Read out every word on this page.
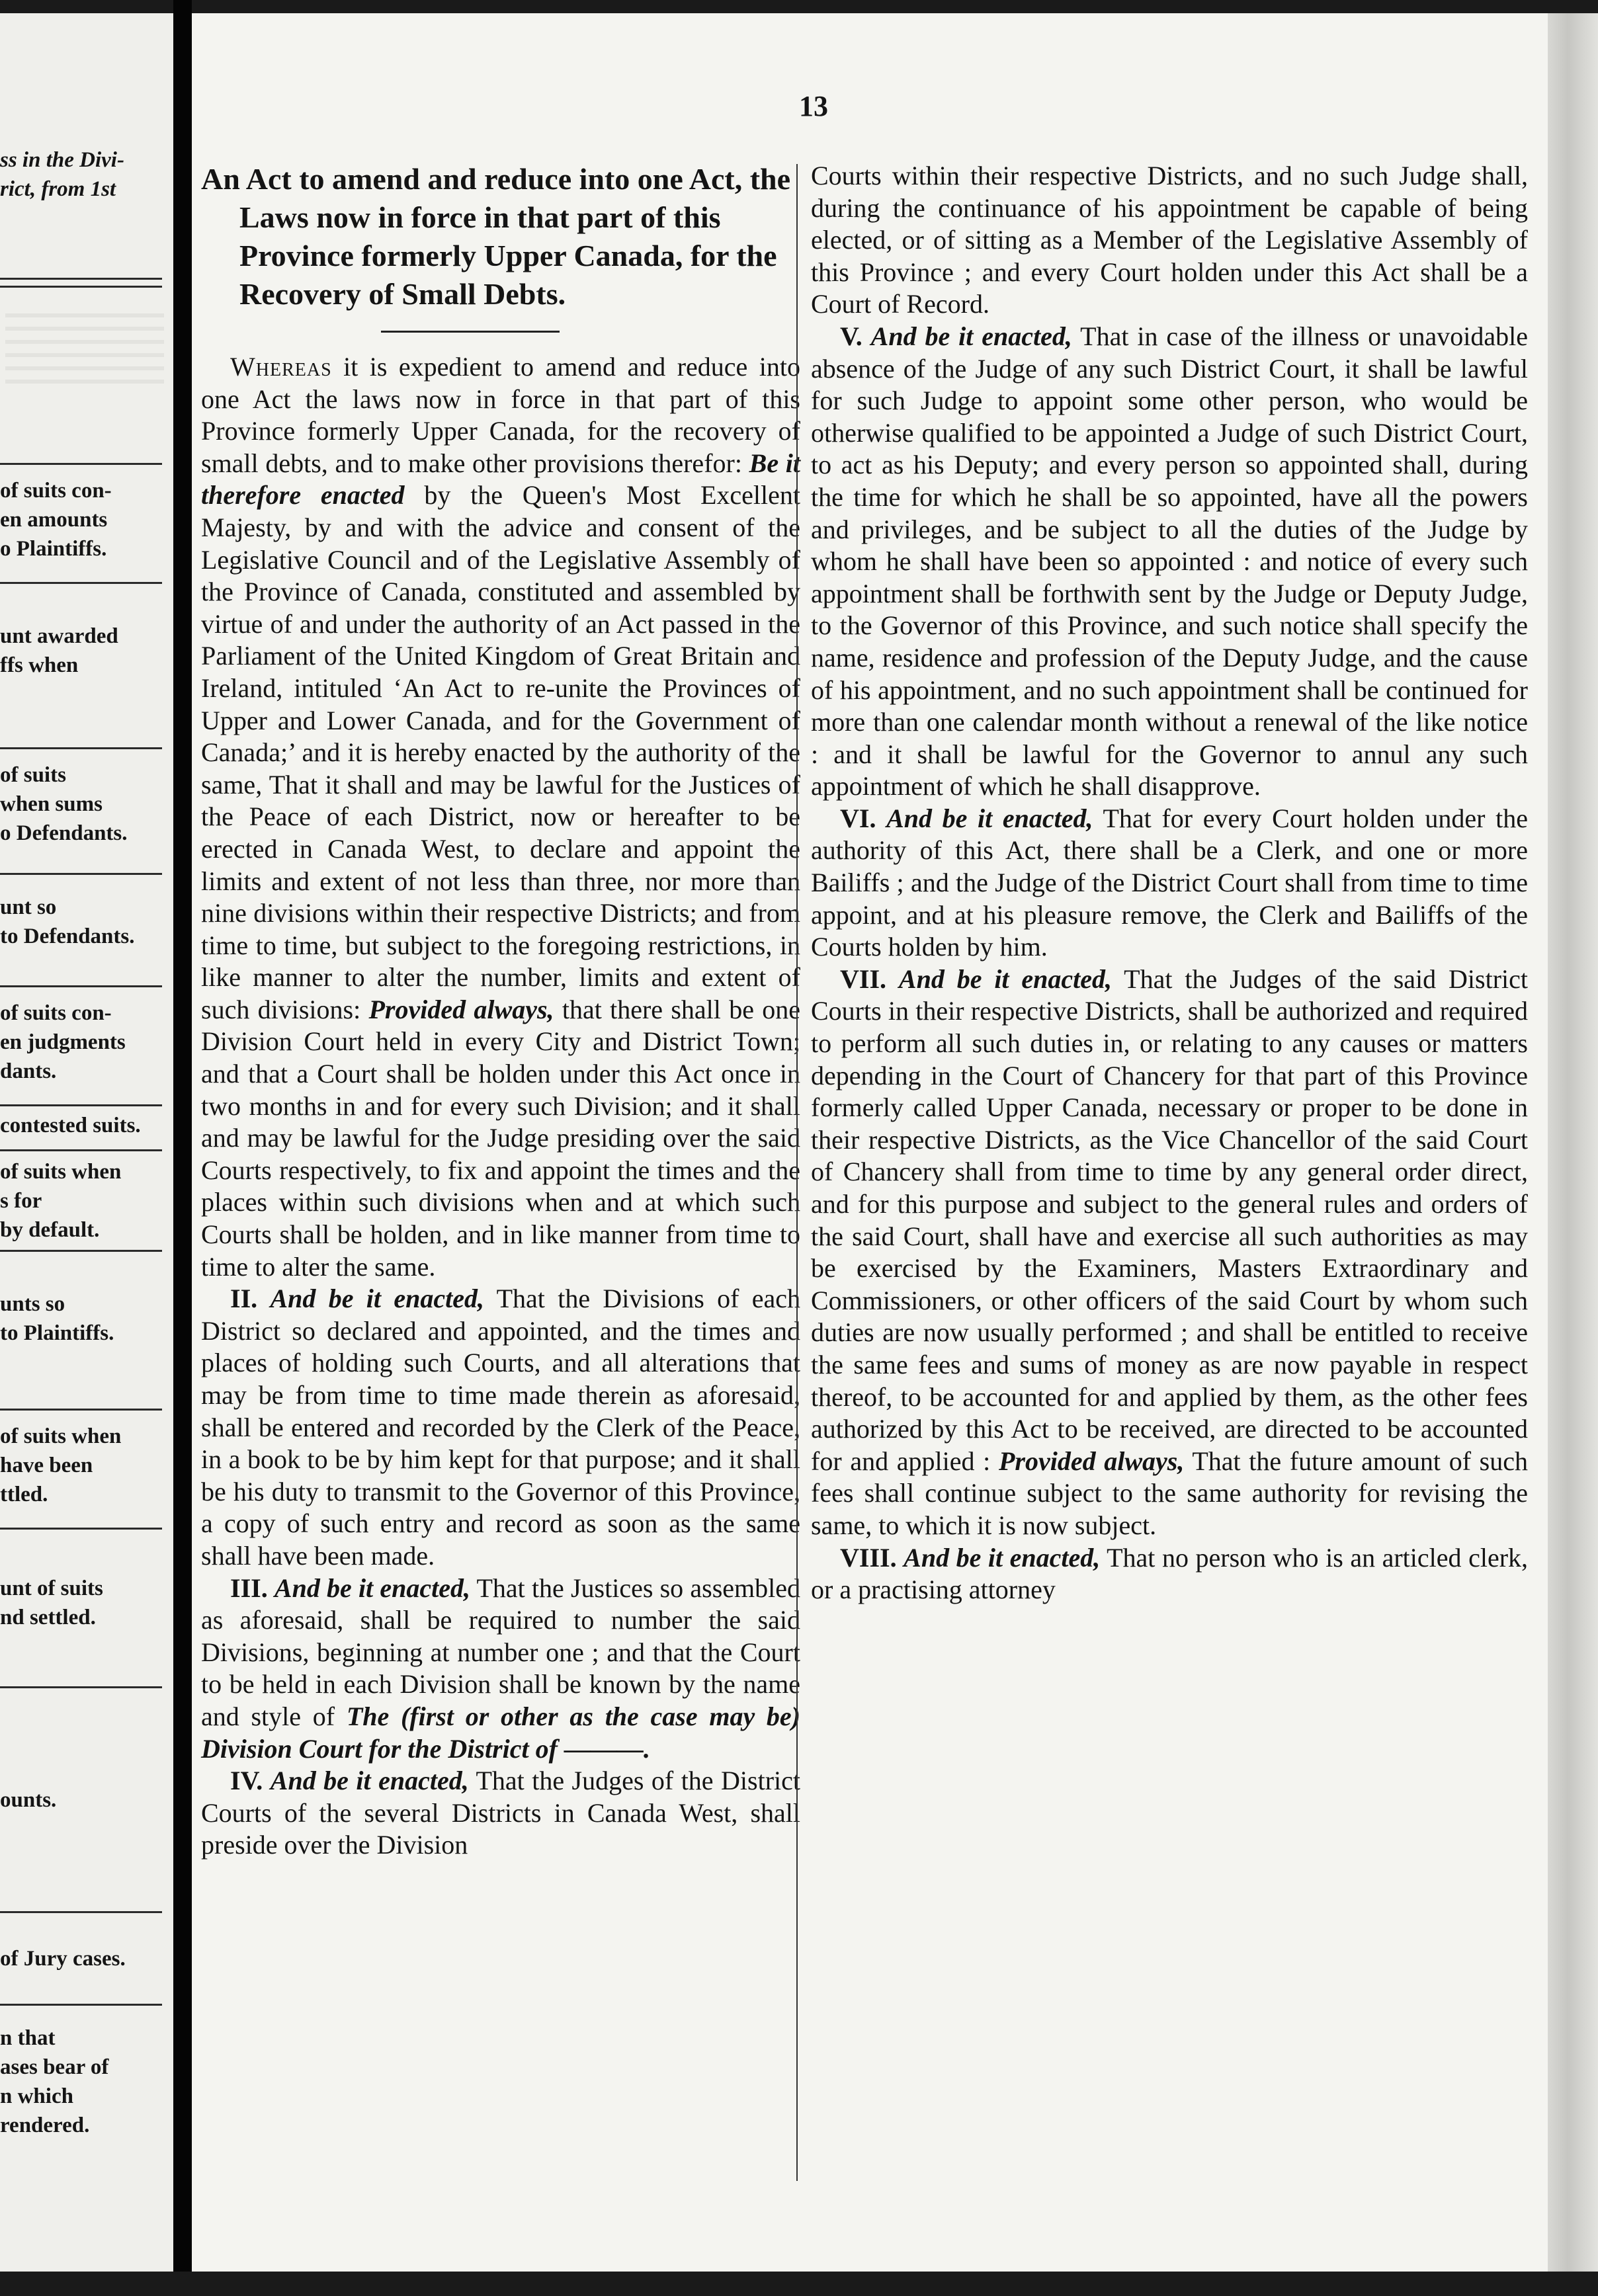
ss in the Divi-
rict, from 1st
of suits con-
en amounts
o Plaintiffs.
unt awarded
ffs when
of suits
when sums
o Defendants.
unt so
to Defendants.
of suits con-
en judgments
dants.
contested suits.
of suits when
s for
by default.
unts so
to Plaintiffs.
of suits when
have been
ttled.
unt of suits
nd settled.
ounts.
of Jury cases.
n that
ases bear of
n which
rendered.
13
An Act to amend and reduce into one Act, the Laws now in force in that part of this Province formerly Upper Canada, for the Recovery of Small Debts.

Whereas it is expedient to amend and reduce into one Act the laws now in force in that part of this Province formerly Upper Canada, for the recovery of small debts, and to make other provisions therefor: Be it therefore enacted by the Queen's Most Excellent Majesty, by and with the advice and consent of the Legislative Council and of the Legislative Assembly of the Province of Canada, constituted and assembled by virtue of and under the authority of an Act passed in the Parliament of the United Kingdom of Great Britain and Ireland, intituled ‘An Act to re-unite the Provinces of Upper and Lower Canada, and for the Government of Canada;’ and it is hereby enacted by the authority of the same, That it shall and may be lawful for the Justices of the Peace of each District, now or hereafter to be erected in Canada West, to declare and appoint the limits and extent of not less than three, nor more than nine divisions within their respective Districts; and from time to time, but subject to the foregoing restrictions, in like manner to alter the number, limits and extent of such divisions: Provided always, that there shall be one Division Court held in every City and District Town; and that a Court shall be holden under this Act once in two months in and for every such Division; and it shall and may be lawful for the Judge presiding over the said Courts respectively, to fix and appoint the times and the places within such divisions when and at which such Courts shall be holden, and in like manner from time to time to alter the same.

II. And be it enacted, That the Divisions of each District so declared and appointed, and the times and places of holding such Courts, and all alterations that may be from time to time made therein as aforesaid, shall be entered and recorded by the Clerk of the Peace, in a book to be by him kept for that purpose; and it shall be his duty to transmit to the Governor of this Province, a copy of such entry and record as soon as the same shall have been made.

III. And be it enacted, That the Justices so assembled as aforesaid, shall be required to number the said Divisions, beginning at number one ; and that the Court to be held in each Division shall be known by the name and style of The (first or other as the case may be) Division Court for the District of ———.

IV. And be it enacted, That the Judges of the District Courts of the several Districts in Canada West, shall preside over the Division

Courts within their respective Districts, and no such Judge shall, during the continuance of his appointment be capable of being elected, or of sitting as a Member of the Legislative Assembly of this Province ; and every Court holden under this Act shall be a Court of Record.

V. And be it enacted, That in case of the illness or unavoidable absence of the Judge of any such District Court, it shall be lawful for such Judge to appoint some other person, who would be otherwise qualified to be appointed a Judge of such District Court, to act as his Deputy; and every person so appointed shall, during the time for which he shall be so appointed, have all the powers and privileges, and be subject to all the duties of the Judge by whom he shall have been so appointed : and notice of every such appointment shall be forthwith sent by the Judge or Deputy Judge, to the Governor of this Province, and such notice shall specify the name, residence and profession of the Deputy Judge, and the cause of his appointment, and no such appointment shall be continued for more than one calendar month without a renewal of the like notice : and it shall be lawful for the Governor to annul any such appointment of which he shall disapprove.

VI. And be it enacted, That for every Court holden under the authority of this Act, there shall be a Clerk, and one or more Bailiffs ; and the Judge of the District Court shall from time to time appoint, and at his pleasure remove, the Clerk and Bailiffs of the Courts holden by him.

VII. And be it enacted, That the Judges of the said District Courts in their respective Districts, shall be authorized and required to perform all such duties in, or relating to any causes or matters depending in the Court of Chancery for that part of this Province formerly called Upper Canada, necessary or proper to be done in their respective Districts, as the Vice Chancellor of the said Court of Chancery shall from time to time by any general order direct, and for this purpose and subject to the general rules and orders of the said Court, shall have and exercise all such authorities as may be exercised by the Examiners, Masters Extraordinary and Commissioners, or other officers of the said Court by whom such duties are now usually performed ; and shall be entitled to receive the same fees and sums of money as are now payable in respect thereof, to be accounted for and applied by them, as the other fees authorized by this Act to be received, are directed to be accounted for and applied : Provided always, That the future amount of such fees shall continue subject to the same authority for revising the same, to which it is now subject.

VIII. And be it enacted, That no person who is an articled clerk, or a practising attorney
